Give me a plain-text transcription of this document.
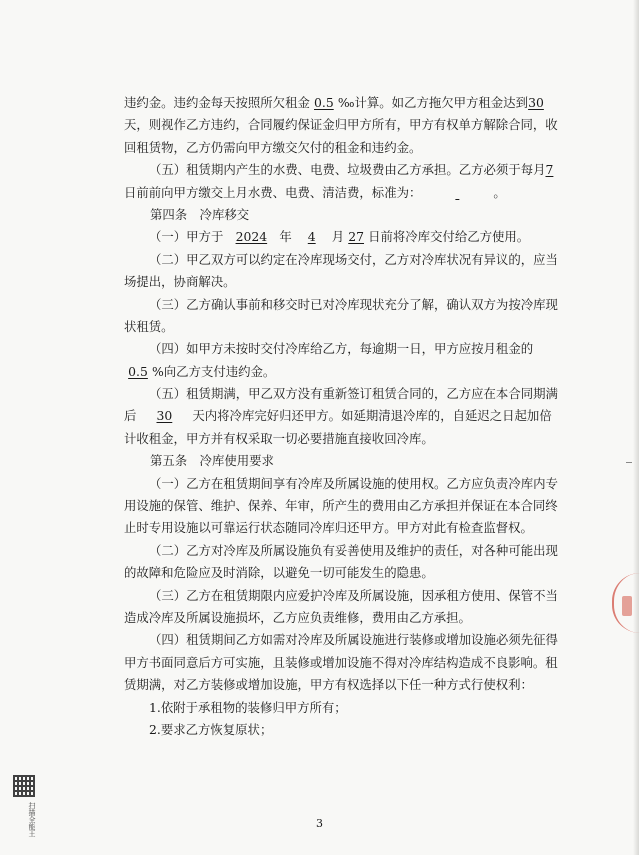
违约金。违约金每天按照所欠租金 0.5 ‰计算。如乙方拖欠甲方租金达到30
天，则视作乙方违约，合同履约保证金归甲方所有，甲方有权单方解除合同，收
回租赁物，乙方仍需向甲方缴交欠付的租金和违约金。
（五）租赁期内产生的水费、电费、垃圾费由乙方承担。乙方必须于每月7
日前前向甲方缴交上月水费、电费、清洁费，标准为：	。
第四条　冷库移交
（一）甲方于 2024 年 4 月 27 日前将冷库交付给乙方使用。
（二）甲乙双方可以约定在冷库现场交付，乙方对冷库状况有异议的，应当
场提出，协商解决。
（三）乙方确认事前和移交时已对冷库现状充分了解，确认双方为按冷库现
状租赁。
（四）如甲方未按时交付冷库给乙方，每逾期一日，甲方应按月租金的
0.5 %向乙方支付违约金。
（五）租赁期满，甲乙双方没有重新签订租赁合同的，乙方应在本合同期满
后 30 天内将冷库完好归还甲方。如延期清退冷库的，自延迟之日起加倍
计收租金，甲方并有权采取一切必要措施直接收回冷库。
第五条　冷库使用要求
（一）乙方在租赁期间享有冷库及所属设施的使用权。乙方应负责冷库内专
用设施的保管、维护、保养、年审，所产生的费用由乙方承担并保证在本合同终
止时专用设施以可靠运行状态随同冷库归还甲方。甲方对此有检查监督权。
（二）乙方对冷库及所属设施负有妥善使用及维护的责任，对各种可能出现
的故障和危险应及时消除，以避免一切可能发生的隐患。
（三）乙方在租赁期限内应爱护冷库及所属设施，因承租方使用、保管不当
造成冷库及所属设施损坏，乙方应负责维修，费用由乙方承担。
（四）租赁期间乙方如需对冷库及所属设施进行装修或增加设施必须先征得
甲方书面同意后方可实施，且装修或增加设施不得对冷库结构造成不良影响。租
赁期满，对乙方装修或增加设施，甲方有权选择以下任一种方式行使权利：
1.依附于承租物的装修归甲方所有；
2.要求乙方恢复原状；
3
扫描全能王
